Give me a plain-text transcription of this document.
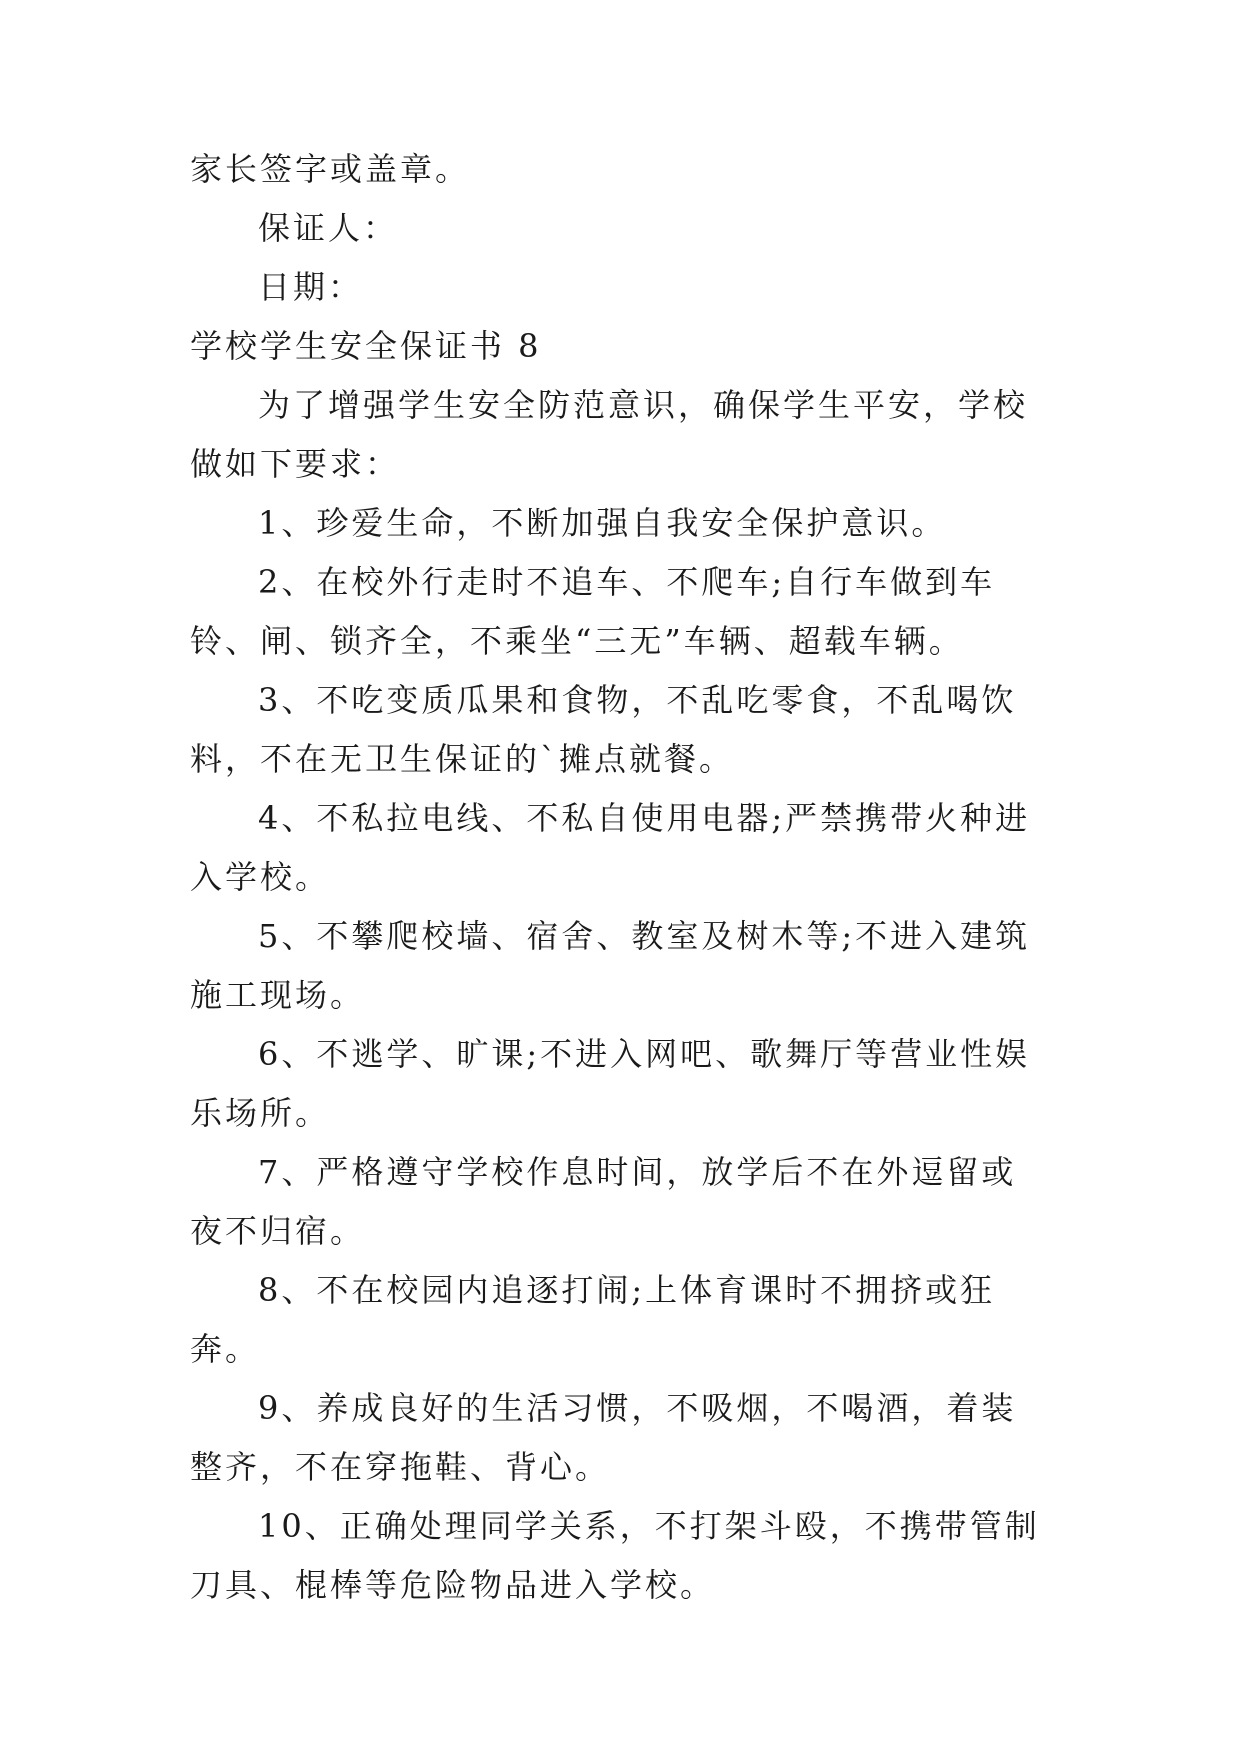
家长签字或盖章。

保证人：

日期：

学校学生安全保证书 8

为了增强学生安全防范意识，确保学生平安，学校做如下要求：

1、珍爱生命，不断加强自我安全保护意识。

2、在校外行走时不追车、不爬车;自行车做到车铃、闸、锁齐全，不乘坐“三无”车辆、超载车辆。

3、不吃变质瓜果和食物，不乱吃零食，不乱喝饮料，不在无卫生保证的`摊点就餐。

4、不私拉电线、不私自使用电器;严禁携带火种进入学校。

5、不攀爬校墙、宿舍、教室及树木等;不进入建筑施工现场。

6、不逃学、旷课;不进入网吧、歌舞厅等营业性娱乐场所。

7、严格遵守学校作息时间，放学后不在外逗留或夜不归宿。

8、不在校园内追逐打闹;上体育课时不拥挤或狂奔。

9、养成良好的生活习惯，不吸烟，不喝酒，着装整齐，不在穿拖鞋、背心。

10、正确处理同学关系，不打架斗殴，不携带管制刀具、棍棒等危险物品进入学校。
